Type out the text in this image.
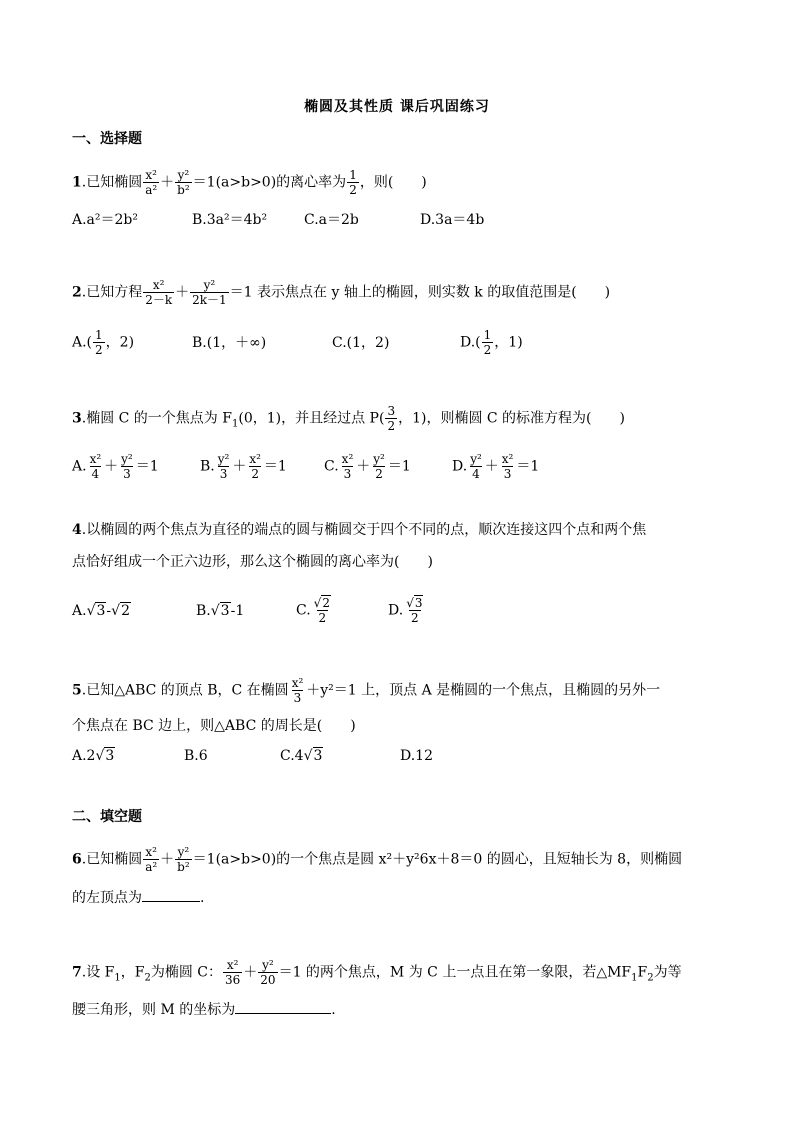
椭圆及其性质 课后巩固练习
一、选择题
1.已知椭圆 $\frac{\text{x²}}{\text{a²}} + \frac{\text{y²}}{\text{b²}} =1(a>b>0)$的离心率为 $\frac{1}{2}$ ，则(　　)
A.a²＝2b²	B.3a²＝4b²	C.a＝2b	D.3a＝4b
2.已知方程 $\frac{\text{x²}}{2-k} + \frac{\text{y²}}{2k-1} =1$ 表示焦点在 y 轴上的椭圆，则实数 k 的取值范围是(　　)
$A.( \frac{1}{2}$ ，2)	B.(1，＋∞)	C.(1，2)	$D.( \frac{1}{2}$ ，1)
3.椭圆 C 的一个焦点为 $F_1(0$，1)，并且经过点 $P( \frac{3}{2}$ ，1)，则椭圆 C 的标准方程为(　　)
A. $\frac{\text{x²}}{4} + \frac{\text{y²}}{3} =1$	B. $\frac{\text{y²}}{3} + \frac{\text{x²}}{2} =1$	C. $\frac{\text{x²}}{3} + \frac{\text{y²}}{2} =1$	D. $\frac{\text{y²}}{4} + \frac{\text{x²}}{3} =1$
4.以椭圆的两个焦点为直径的端点的圆与椭圆交于四个不同的点，顺次连接这四个点和两个焦
点恰好组成一个正六边形，那么这个椭圆的离心率为(　　)
A.√3-√2	B.√3-1	C. $\frac{√2}{2}$	D. $\frac{√3}{2}$
5.已知△ABC 的顶点 B，C 在椭圆 $\frac{\text{x²}}{3} +y^2=1$ 上，顶点 A 是椭圆的一个焦点，且椭圆的另外一
个焦点在 BC 边上，则△ABC 的周长是(　　)
A.2√3	B.6	C.4√3	D.12
二、填空题
6.已知椭圆 $\frac{\text{x²}}{\text{a²}} + \frac{\text{y²}}{\text{b²}} =1(a>b>0)$的一个焦点是圆 x²＋y²6x＋8＝0 的圆心，且短轴长为 8，则椭圆
的左顶点为	.
7.设 $F_1$，$F_2$为椭圆 C： $\frac{\text{x²}}{36} + \frac{\text{y²}}{20} =1$ 的两个焦点，M 为 C 上一点且在第一象限，若$\triangle MF_1F_2$为等
腰三角形，则 M 的坐标为	.
